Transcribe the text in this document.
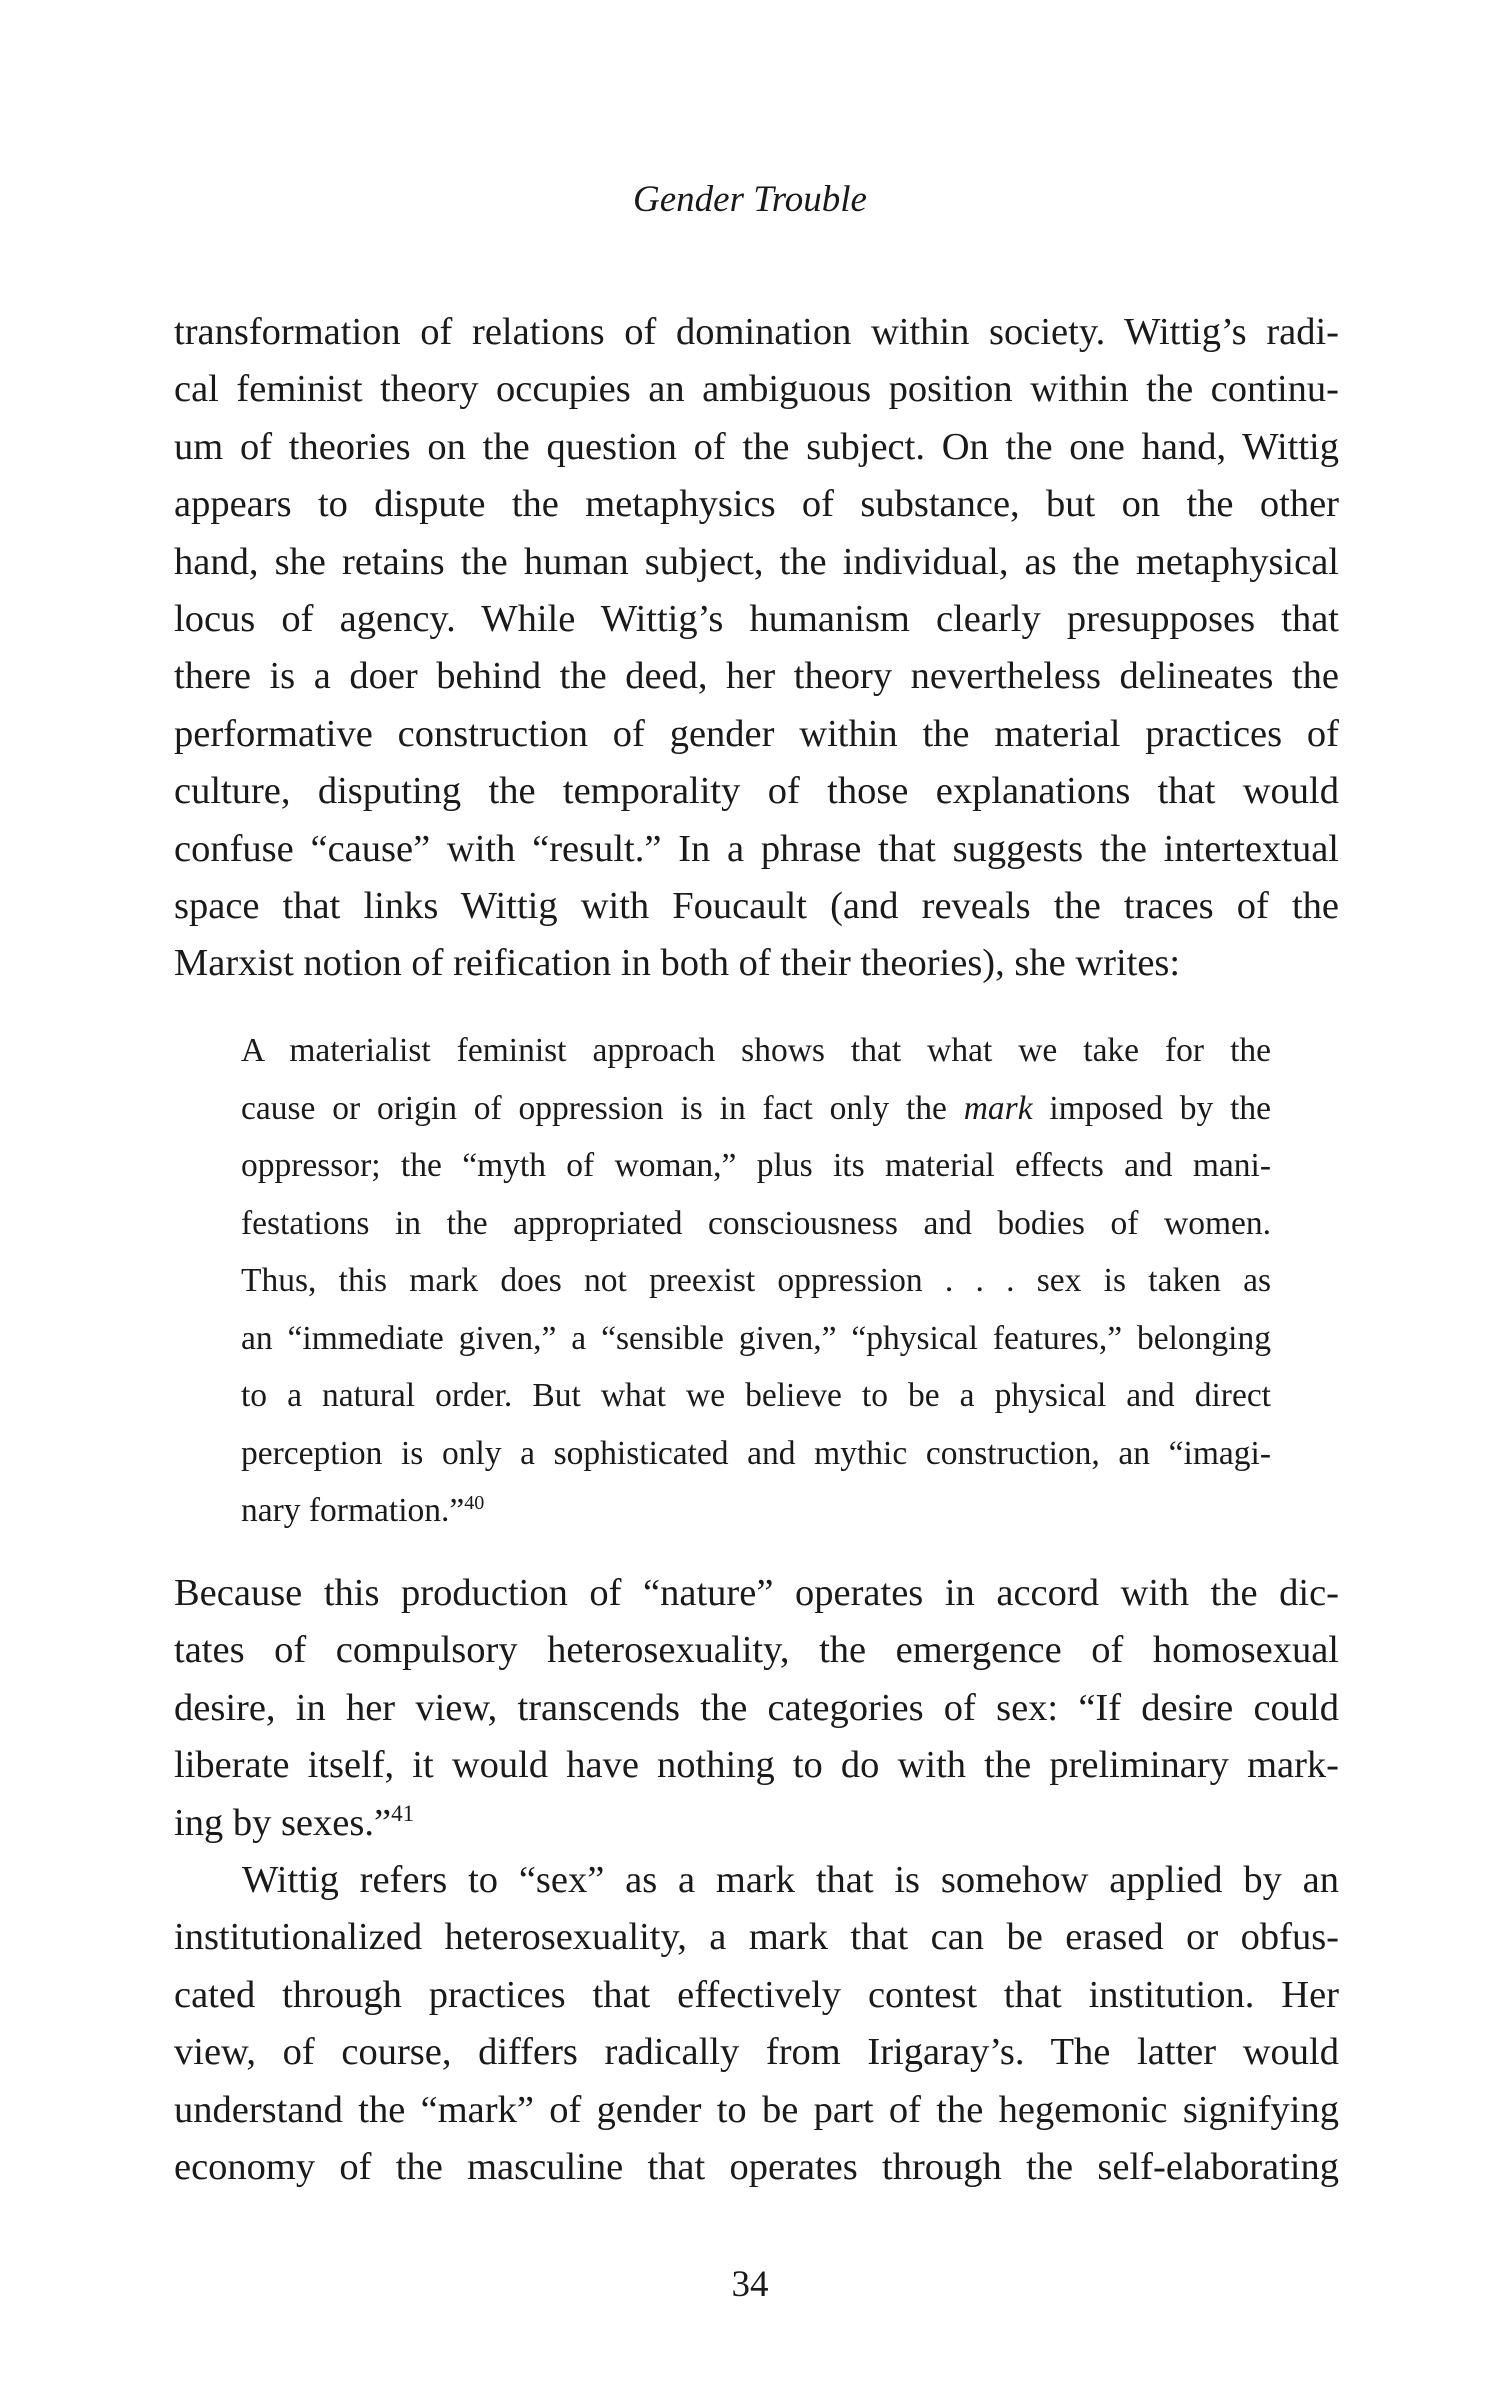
Gender Trouble
transformation of relations of domination within society. Wittig’s radi-
cal feminist theory occupies an ambiguous position within the continu-
um of theories on the question of the subject. On the one hand, Wittig
appears to dispute the metaphysics of substance, but on the other
hand, she retains the human subject, the individual, as the metaphysical
locus of agency. While Wittig’s humanism clearly presupposes that
there is a doer behind the deed, her theory nevertheless delineates the
performative construction of gender within the material practices of
culture, disputing the temporality of those explanations that would
confuse “cause” with “result.” In a phrase that suggests the intertextual
space that links Wittig with Foucault (and reveals the traces of the
Marxist notion of reification in both of their theories), she writes:
A materialist feminist approach shows that what we take for the
cause or origin of oppression is in fact only the mark imposed by the
oppressor; the “myth of woman,” plus its material effects and mani-
festations in the appropriated consciousness and bodies of women.
Thus, this mark does not preexist oppression . . . sex is taken as
an “immediate given,” a “sensible given,” “physical features,” belonging
to a natural order. But what we believe to be a physical and direct
perception is only a sophisticated and mythic construction, an “imagi-
nary formation.”$^{40}$
Because this production of “nature” operates in accord with the dic-
tates of compulsory heterosexuality, the emergence of homosexual
desire, in her view, transcends the categories of sex: “If desire could
liberate itself, it would have nothing to do with the preliminary mark-
ing by sexes.”$^{41}$
Wittig refers to “sex” as a mark that is somehow applied by an
institutionalized heterosexuality, a mark that can be erased or obfus-
cated through practices that effectively contest that institution. Her
view, of course, differs radically from Irigaray’s. The latter would
understand the “mark” of gender to be part of the hegemonic signifying
economy of the masculine that operates through the self-elaborating
34
